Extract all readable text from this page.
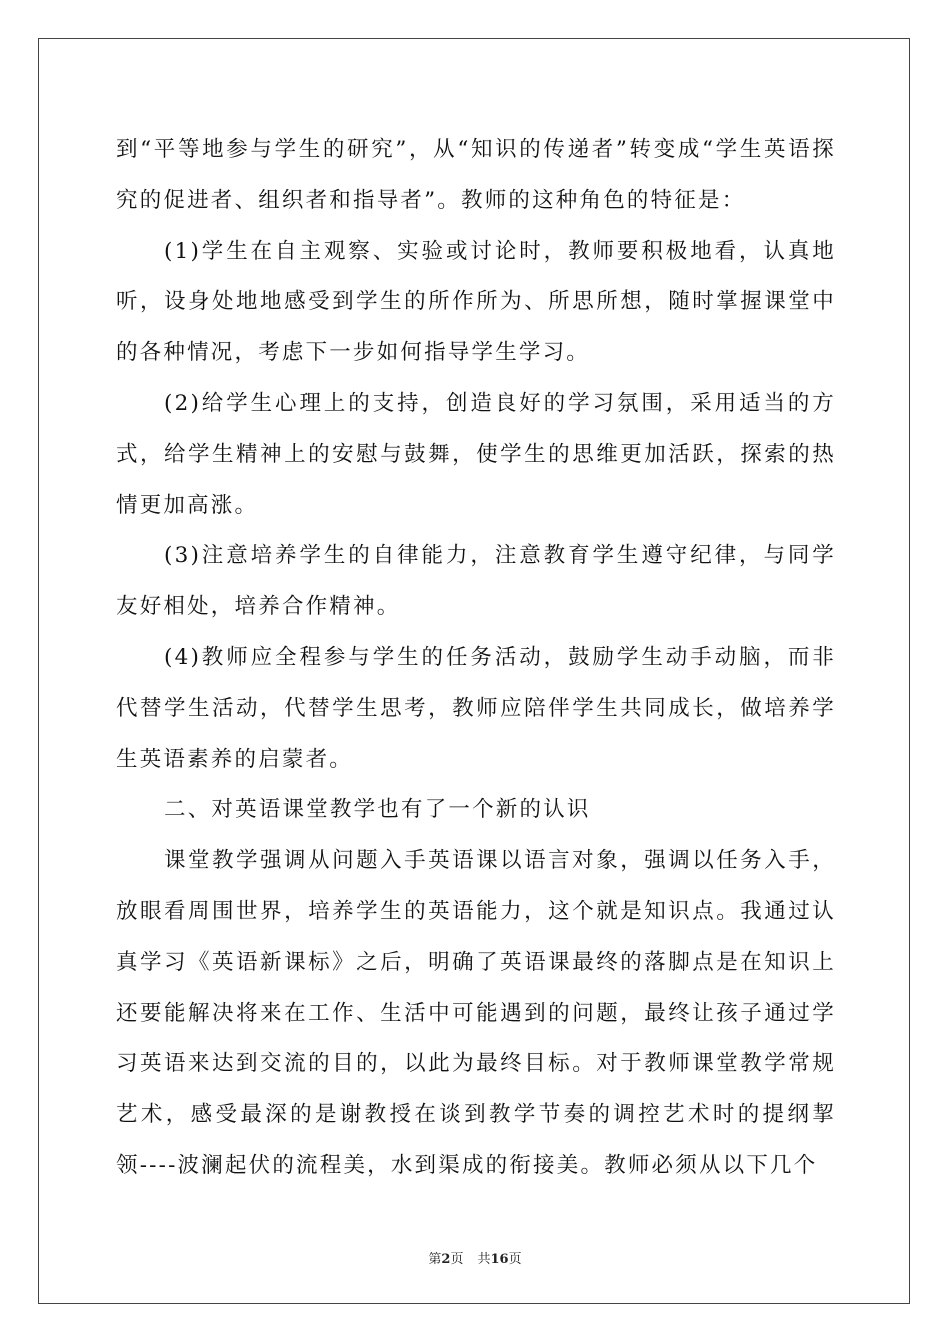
到“平等地参与学生的研究”，从“知识的传递者”转变成“学生英语探究的促进者、组织者和指导者”。教师的这种角色的特征是：

(1)学生在自主观察、实验或讨论时，教师要积极地看，认真地听，设身处地地感受到学生的所作所为、所思所想，随时掌握课堂中的各种情况，考虑下一步如何指导学生学习。

(2)给学生心理上的支持，创造良好的学习氛围，采用适当的方式，给学生精神上的安慰与鼓舞，使学生的思维更加活跃，探索的热情更加高涨。

(3)注意培养学生的自律能力，注意教育学生遵守纪律，与同学友好相处，培养合作精神。

(4)教师应全程参与学生的任务活动，鼓励学生动手动脑，而非代替学生活动，代替学生思考，教师应陪伴学生共同成长，做培养学生英语素养的启蒙者。

二、对英语课堂教学也有了一个新的认识

课堂教学强调从问题入手英语课以语言对象，强调以任务入手，放眼看周围世界，培养学生的英语能力，这个就是知识点。我通过认真学习《英语新课标》之后，明确了英语课最终的落脚点是在知识上还要能解决将来在工作、生活中可能遇到的问题，最终让孩子通过学习英语来达到交流的目的，以此为最终目标。对于教师课堂教学常规艺术，感受最深的是谢教授在谈到教学节奏的调控艺术时的提纲挈领----波澜起伏的流程美，水到渠成的衔接美。教师必须从以下几个

第2页 共16页
